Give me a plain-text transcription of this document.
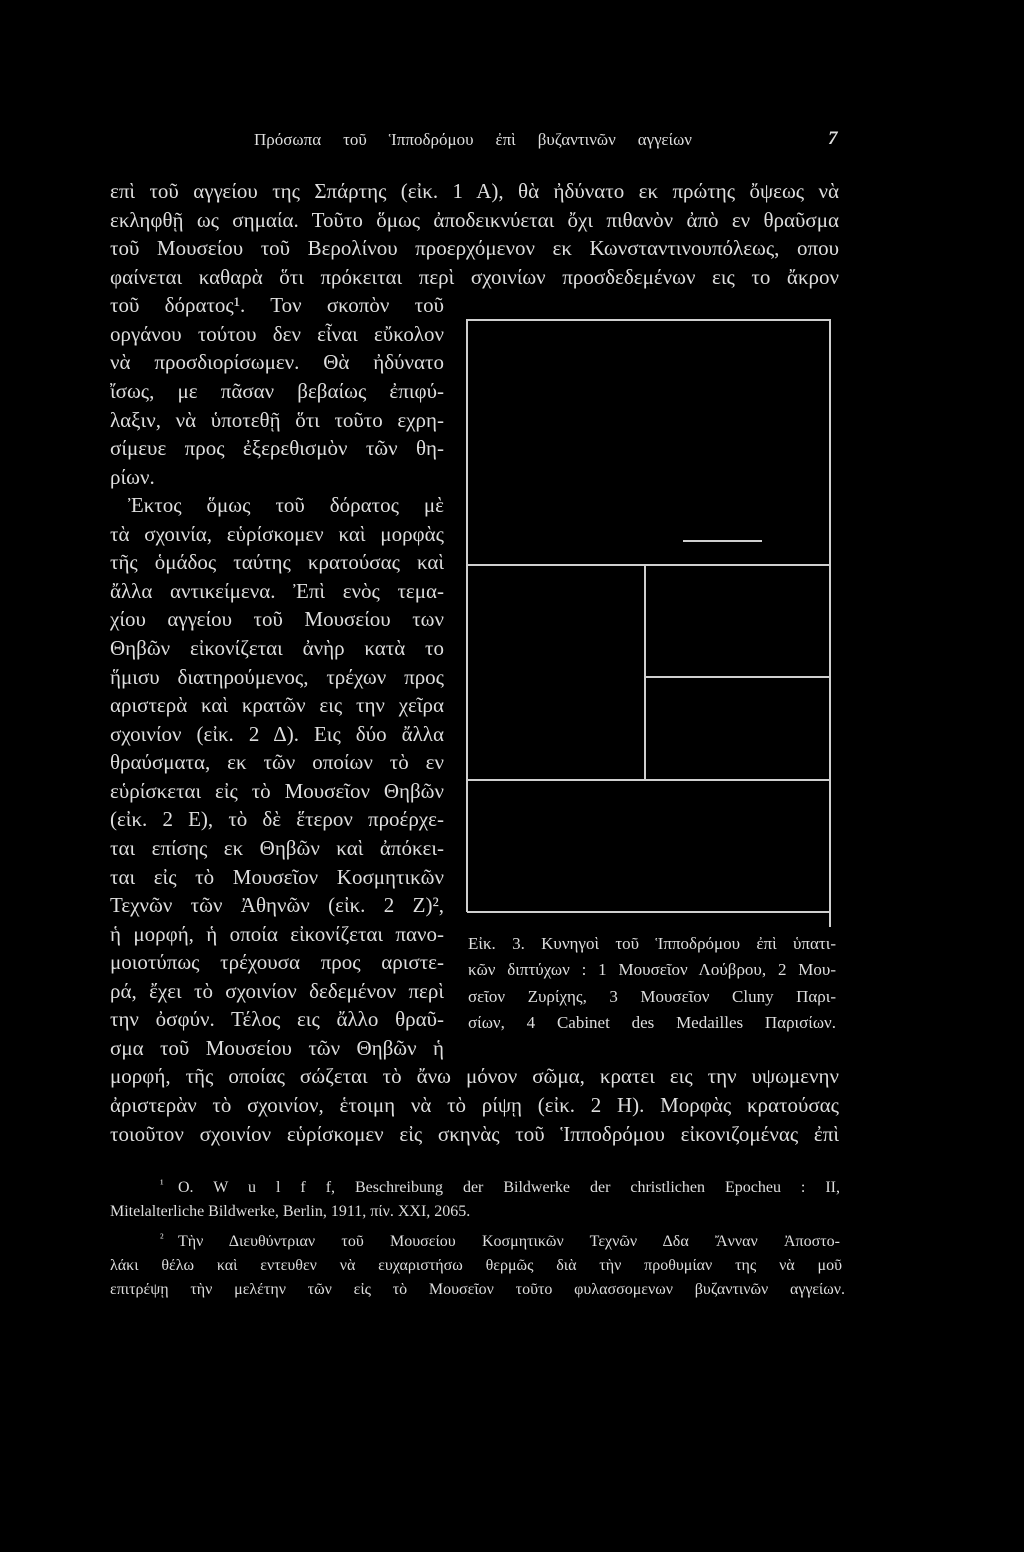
Πρόσωπα τοῦ Ἱπποδρόμου ἐπὶ βυζαντινῶν αγγείων	7
επὶ τοῦ αγγείου της Σπάρτης (εἰκ. 1 Α), θὰ ἠδύνατο εκ πρώτης ὄψεως νὰ
εκληφθῇ ως σημαία. Τοῦτο ὅμως ἀποδεικνύεται ὄχι πιθανὸν ἀπὸ εν θραῦσμα
τοῦ Μουσείου τοῦ Βερολίνου προερχόμενον εκ Κωνσταντινουπόλεως, οπου
φαίνεται καθαρὰ ὅτι πρόκειται περὶ σχοινίων προσδεδεμένων εις το ἄκρον
τοῦ δόρατος¹. Τον σκοπὸν τοῦ
οργάνου τούτου δεν εἶναι εὔκολον
νὰ προσδιορίσωμεν. Θὰ ἠδύνατο
ἴσως, με πᾶσαν βεβαίως ἐπιφύ-
λαξιν, νὰ ὑποτεθῇ ὅτι τοῦτο εχρη-
σίμευε προς ἐξερεθισμὸν τῶν θη-
ρίων.
Ἐκτος ὅμως τοῦ δόρατος μὲ
τὰ σχοινία, εὑρίσκομεν καὶ μορφὰς
τῆς ὁμάδος ταύτης κρατούσας καὶ
ἄλλα αντικείμενα. Ἐπὶ ενὸς τεμα-
χίου αγγείου τοῦ Μουσείου των
Θηβῶν εἰκονίζεται ἀνὴρ κατὰ το
ἥμισυ διατηρούμενος, τρέχων προς
αριστερὰ καὶ κρατῶν εις την χεῖρα
σχοινίον (εἰκ. 2 Δ). Εις δύο ἄλλα
θραύσματα, εκ τῶν οποίων τὸ εν
εὑρίσκεται εἰς τὸ Μουσεῖον Θηβῶν
(εἰκ. 2 Ε), τὸ δὲ ἕτερον προέρχε-
ται επίσης εκ Θηβῶν καὶ ἀπόκει-
ται εἰς τὸ Μουσεῖον Κοσμητικῶν
Τεχνῶν τῶν Ἀθηνῶν (εἰκ. 2 Ζ)²,
ἡ μορφή, ἡ οποία εἰκονίζεται πανο-
μοιοτύπως τρέχουσα προς αριστε-
ρά, ἔχει τὸ σχοινίον δεδεμένον περὶ
την ὀσφύν. Τέλος εις ἄλλο θραῦ-
σμα τοῦ Μουσείου τῶν Θηβῶν ἡ
μορφή, τῆς οποίας σώζεται τὸ ἄνω μόνον σῶμα, κρατει εις την υψωμενην
ἀριστερὰν τὸ σχοινίον, ἑτοιμη νὰ τὸ ρίψῃ (εἰκ. 2 Η). Μορφὰς κρατούσας
τοιοῦτον σχοινίον εὑρίσκομεν εἰς σκηνὰς τοῦ Ἱπποδρόμου εἰκονιζομένας ἐπὶ
Εἰκ. 3. Κυνηγοὶ τοῦ Ἱπποδρόμου ἐπὶ ὑπατι-
κῶν διπτύχων : 1 Μουσεῖον Λούβρου, 2 Μου-
σεῖον Ζυρίχης, 3 Μουσεῖον Cluny Παρι-
σίων, 4 Cabinet des Medailles Παρισίων.
¹ O. W u l f f, Beschreibung der Bildwerke der christlichen Epocheu : II,
Mitelalterliche Bildwerke, Berlin, 1911, πίν. XXI, 2065.
² Τὴν Διευθύντριαν τοῦ Μουσείου Κοσμητικῶν Τεχνῶν Δδα Ἄνναν Ἀποστο-
λάκι θέλω καὶ εντευθεν νὰ ευχαριστήσω θερμῶς διὰ τὴν προθυμίαν της νὰ μοῦ
επιτρέψῃ τὴν μελέτην τῶν εἰς τὸ Μουσεῖον τοῦτο φυλασσομενων βυζαντινῶν αγγείων.
